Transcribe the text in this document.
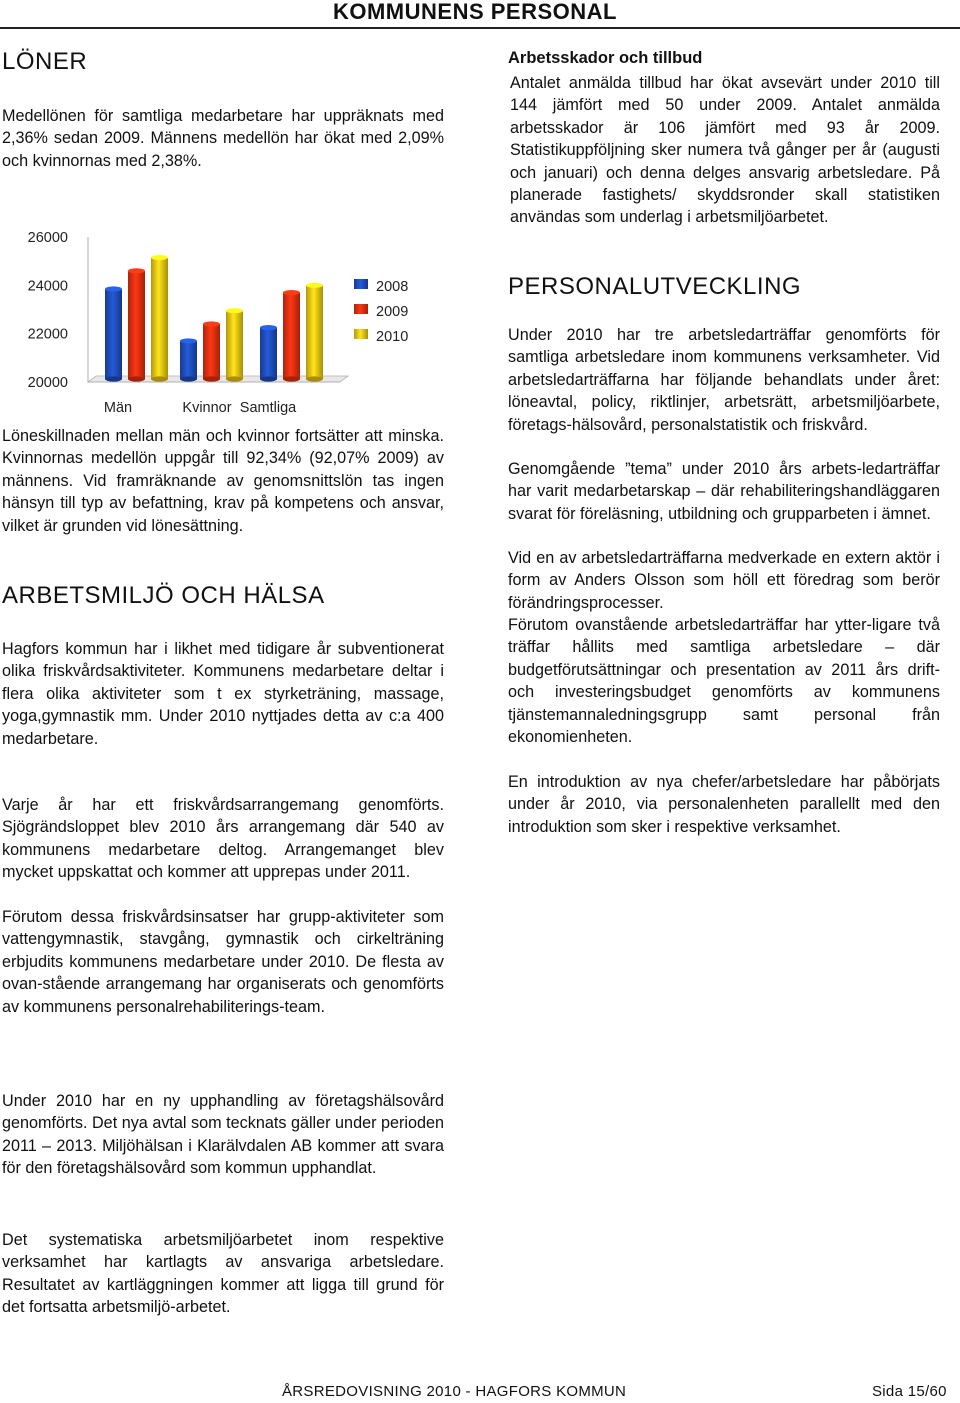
KOMMUNENS PERSONAL
LÖNER

Medellönen för samtliga medarbetare har uppräknats med 2,36% sedan 2009. Männens medellön har ökat med 2,09% och kvinnornas med 2,38%.

20000
22000
24000
26000
Män	Kvinnor Samtliga
2008
2009
2010

Löneskillnaden mellan män och kvinnor fortsätter att minska. Kvinnornas medellön uppgår till 92,34% (92,07% 2009) av männens. Vid framräknande av genomsnittslön tas ingen hänsyn till typ av befattning, krav på kompetens och ansvar, vilket är grunden vid lönesättning.

ARBETSMILJÖ OCH HÄLSA

Hagfors kommun har i likhet med tidigare år subventionerat olika friskvårdsaktiviteter. Kommunens medarbetare deltar i flera olika aktiviteter som t ex styrketräning, massage, yoga,gymnastik mm. Under 2010 nyttjades detta av c:a 400 medarbetare.

Varje år har ett friskvårdsarrangemang genomförts. Sjögrändsloppet blev 2010 års arrangemang där 540 av kommunens medarbetare deltog. Arrangemanget blev mycket uppskattat och kommer att upprepas under 2011.

Förutom dessa friskvårdsinsatser har grupp-aktiviteter som vattengymnastik, stavgång, gymnastik och cirkelträning erbjudits kommunens medarbetare under 2010. De flesta av ovan-stående arrangemang har organiserats och genomförts av kommunens personalrehabiliterings-team.

Under 2010 har en ny upphandling av företagshälsovård genomförts. Det nya avtal som tecknats gäller under perioden 2011 – 2013. Miljöhälsan i Klarälvdalen AB kommer att svara för den företagshälsovård som kommun upphandlat.

Det systematiska arbetsmiljöarbetet inom respektive verksamhet har kartlagts av ansvariga arbetsledare. Resultatet av kartläggningen kommer att ligga till grund för det fortsatta arbetsmiljö-arbetet.

Arbetsskador och tillbud

Antalet anmälda tillbud har ökat avsevärt under 2010 till 144 jämfört med 50 under 2009. Antalet anmälda arbetsskador är 106 jämfört med 93 år 2009. Statistikuppföljning sker numera två gånger per år (augusti och januari) och denna delges ansvarig arbetsledare. På planerade fastighets/ skyddsronder skall statistiken användas som underlag i arbetsmiljöarbetet.

PERSONALUTVECKLING

Under 2010 har tre arbetsledarträffar genomförts för samtliga arbetsledare inom kommunens verksamheter. Vid arbetsledarträffarna har följande behandlats under året: löneavtal, policy, riktlinjer, arbetsrätt, arbetsmiljöarbete, företags-hälsovård, personalstatistik och friskvård.

Genomgående ”tema” under 2010 års arbets-ledarträffar har varit medarbetarskap – där rehabiliteringshandläggaren svarat för föreläsning, utbildning och grupparbeten i ämnet.

Vid en av arbetsledarträffarna medverkade en extern aktör i form av Anders Olsson som höll ett föredrag som berör förändringsprocesser.

Förutom ovanstående arbetsledarträffar har ytter-ligare två träffar hållits med samtliga arbetsledare – där budgetförutsättningar och presentation av 2011 års drift- och investeringsbudget genomförts av kommunens tjänstemannaledningsgrupp samt personal från ekonomienheten.

En introduktion av nya chefer/arbetsledare har påbörjats under år 2010, via personalenheten parallellt med den introduktion som sker i respektive verksamhet.

ÅRSREDOVISNING 2010 - HAGFORS KOMMUN	Sida 15/60
